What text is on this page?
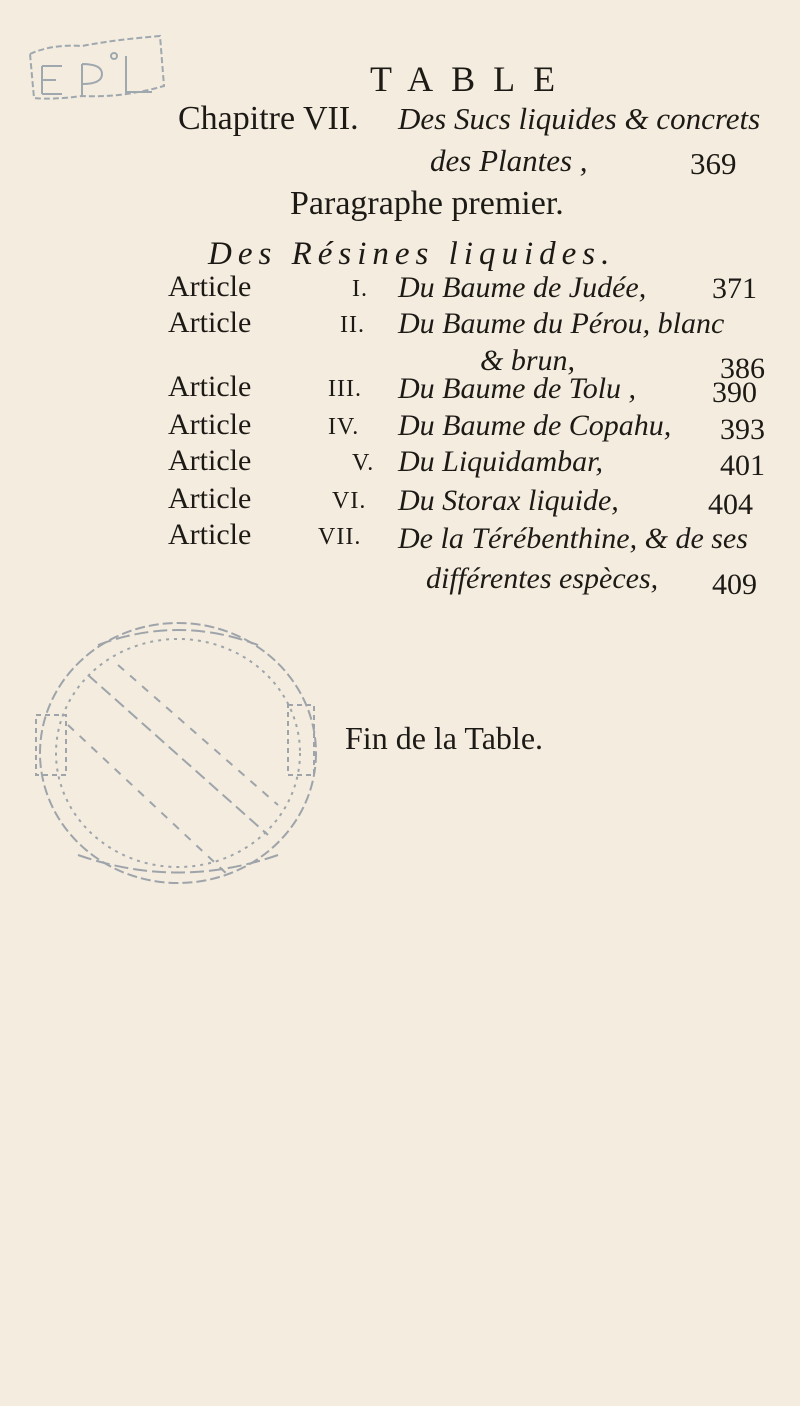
TABLE
Chapitre VII. Des Sucs liquides & concrets
des Plantes ,	369
Paragraphe premier.
Des Résines liquides.
Article	I. Du Baume de Judée, 371
Article	II. Du Baume du Pérou, blanc
& brun,	386
Article	III. Du Baume de Tolu ,	390
Article	IV. Du Baume de Copahu, 393
Article	V. Du Liquidambar,	401
Article	VI. Du Storax liquide,	404
Article	VII. De la Térébenthine, & de ses
différentes espèces, 409
Fin de la Table.
